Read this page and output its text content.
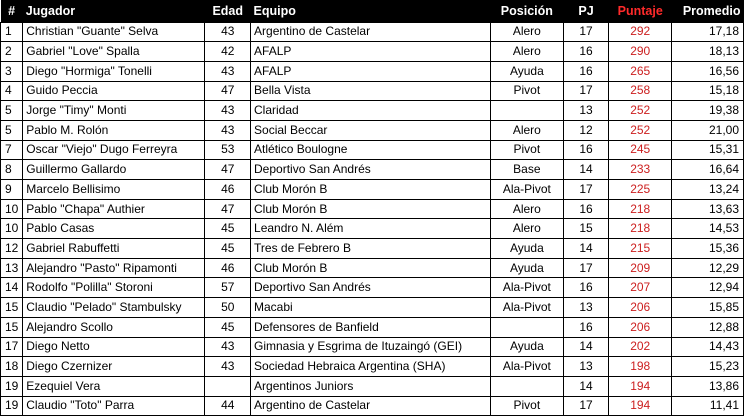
#	Jugador	Edad	Equipo	Posición	PJ	Puntaje	Promedio
1	Christian "Guante" Selva	43	Argentino de Castelar	Alero	17	292	17,18
2	Gabriel "Love" Spalla	42	AFALP	Alero	16	290	18,13
3	Diego "Hormiga" Tonelli	43	AFALP	Ayuda	16	265	16,56
4	Guido Peccia	47	Bella Vista	Pivot	17	258	15,18
5	Jorge "Timy" Monti	43	Claridad		13	252	19,38
5	Pablo M. Rolón	43	Social Beccar	Alero	12	252	21,00
7	Oscar "Viejo" Dugo Ferreyra	53	Atlético Boulogne	Pivot	16	245	15,31
8	Guillermo Gallardo	47	Deportivo San Andrés	Base	14	233	16,64
9	Marcelo Bellisimo	46	Club Morón B	Ala-Pivot	17	225	13,24
10	Pablo "Chapa" Authier	47	Club Morón B	Alero	16	218	13,63
10	Pablo Casas	45	Leandro N. Além	Alero	15	218	14,53
12	Gabriel Rabuffetti	45	Tres de Febrero B	Ayuda	14	215	15,36
13	Alejandro "Pasto" Ripamonti	46	Club Morón B	Ayuda	17	209	12,29
14	Rodolfo "Polilla" Storoni	57	Deportivo San Andrés	Ala-Pivot	16	207	12,94
15	Claudio "Pelado" Stambulsky	50	Macabi	Ala-Pivot	13	206	15,85
15	Alejandro Scollo	45	Defensores de Banfield		16	206	12,88
17	Diego Netto	43	Gimnasia y Esgrima de Ituzaingó (GEI)	Ayuda	14	202	14,43
18	Diego Czernizer	43	Sociedad Hebraica Argentina (SHA)	Ala-Pivot	13	198	15,23
19	Ezequiel Vera		Argentinos Juniors		14	194	13,86
19	Claudio "Toto" Parra	44	Argentino de Castelar	Pivot	17	194	11,41
